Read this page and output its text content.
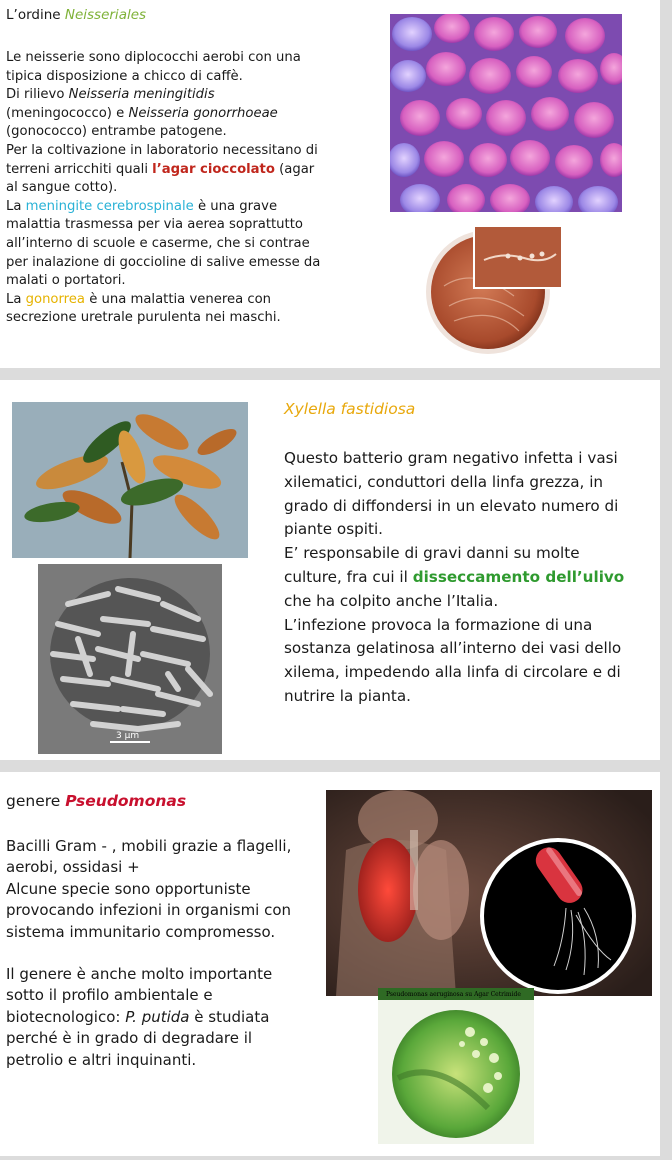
L’ordine Neisseriales

Le neisserie sono diplococchi aerobi con una tipica disposizione a chicco di caffè.

Di rilievo Neisseria meningitidis (meningococco) e Neisseria gonorrhoeae (gonococco) entrambe patogene.

Per la coltivazione in laboratorio necessitano di terreni arricchiti quali l’agar cioccolato (agar al sangue cotto).

La meningite cerebrospinale è una grave malattia trasmessa per via aerea soprattutto all’interno di scuole e caserme, che si contrae per inalazione di goccioline di salive emesse da malati o portatori.

La gonorrea è una malattia venerea con secrezione uretrale purulenta nei maschi.

Xylella fastidiosa

Questo batterio gram negativo infetta i vasi xilematici, conduttori della linfa grezza, in grado di diffondersi in un elevato numero di piante ospiti.

E’ responsabile di gravi danni su molte culture, fra cui il disseccamento dell’ulivo che ha colpito anche l’Italia.

L’infezione provoca la formazione di una sostanza gelatinosa all’interno dei vasi dello xilema, impedendo alla linfa di circolare e di nutrire la pianta.

3 μm
genere Pseudomonas

Bacilli Gram - , mobili grazie a flagelli, aerobi, ossidasi +

Alcune specie sono opportuniste provocando infezioni in organismi con sistema immunitario compromesso.

Il genere è anche molto importante sotto il profilo ambientale e biotecnologico: P. putida è studiata perché è in grado di degradare il petrolio e altri inquinanti.

Pseudomonas aeruginosa su Agar Cetrimide
